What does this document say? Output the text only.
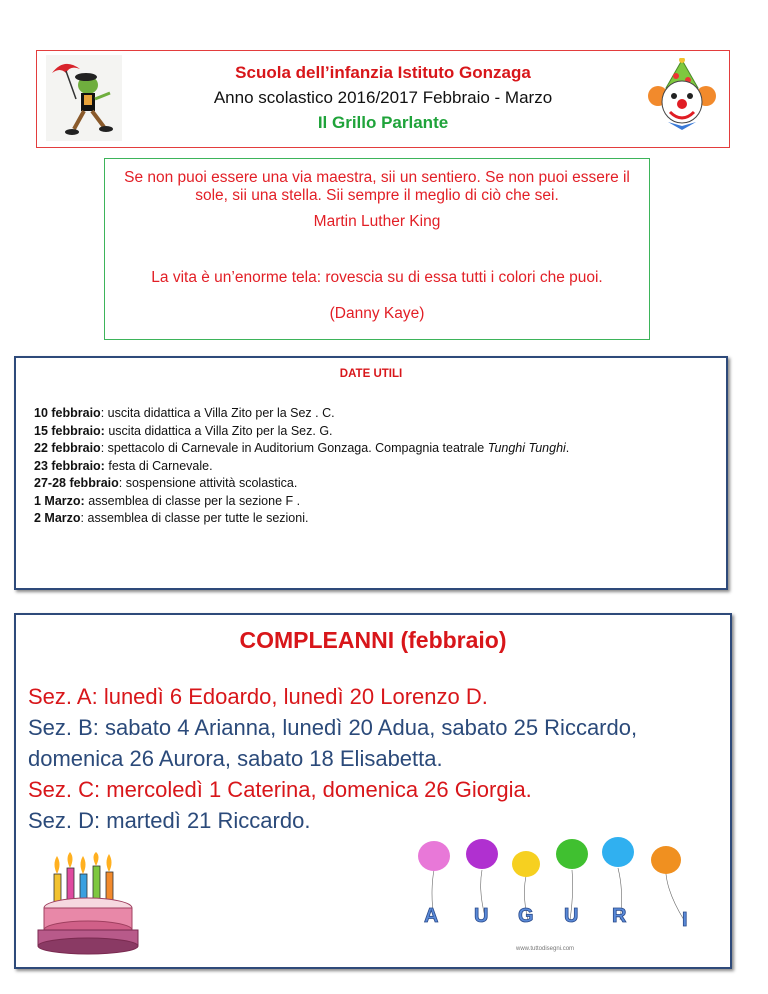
Scuola dell’infanzia Istituto Gonzaga
Anno scolastico 2016/2017 Febbraio - Marzo
Il Grillo Parlante
Se non puoi essere una via maestra, sii un sentiero. Se non puoi essere il sole, sii una stella. Sii sempre il meglio di ciò che sei.
Martin Luther King
La vita è un’enorme tela: rovescia su di essa tutti i colori che puoi.
(Danny Kaye)
DATE UTILI
10 febbraio: uscita didattica a Villa Zito per la Sez . C.
15 febbraio: uscita didattica a Villa Zito per la Sez. G.
22 febbraio: spettacolo di Carnevale in Auditorium Gonzaga. Compagnia teatrale Tunghi Tunghi.
23 febbraio: festa di Carnevale.
27-28 febbraio: sospensione attività scolastica.
1 Marzo: assemblea di classe per la sezione F .
2 Marzo: assemblea di classe per tutte le sezioni.
COMPLEANNI (febbraio)
Sez. A: lunedì 6 Edoardo, lunedì 20 Lorenzo D.
Sez. B: sabato 4 Arianna, lunedì 20 Adua, sabato 25 Riccardo,
domenica 26 Aurora, sabato 18 Elisabetta.
Sez. C: mercoledì 1 Caterina, domenica 26 Giorgia.
Sez. D: martedì 21 Riccardo.
A U G U R	I
www.tuttodisegni.com
